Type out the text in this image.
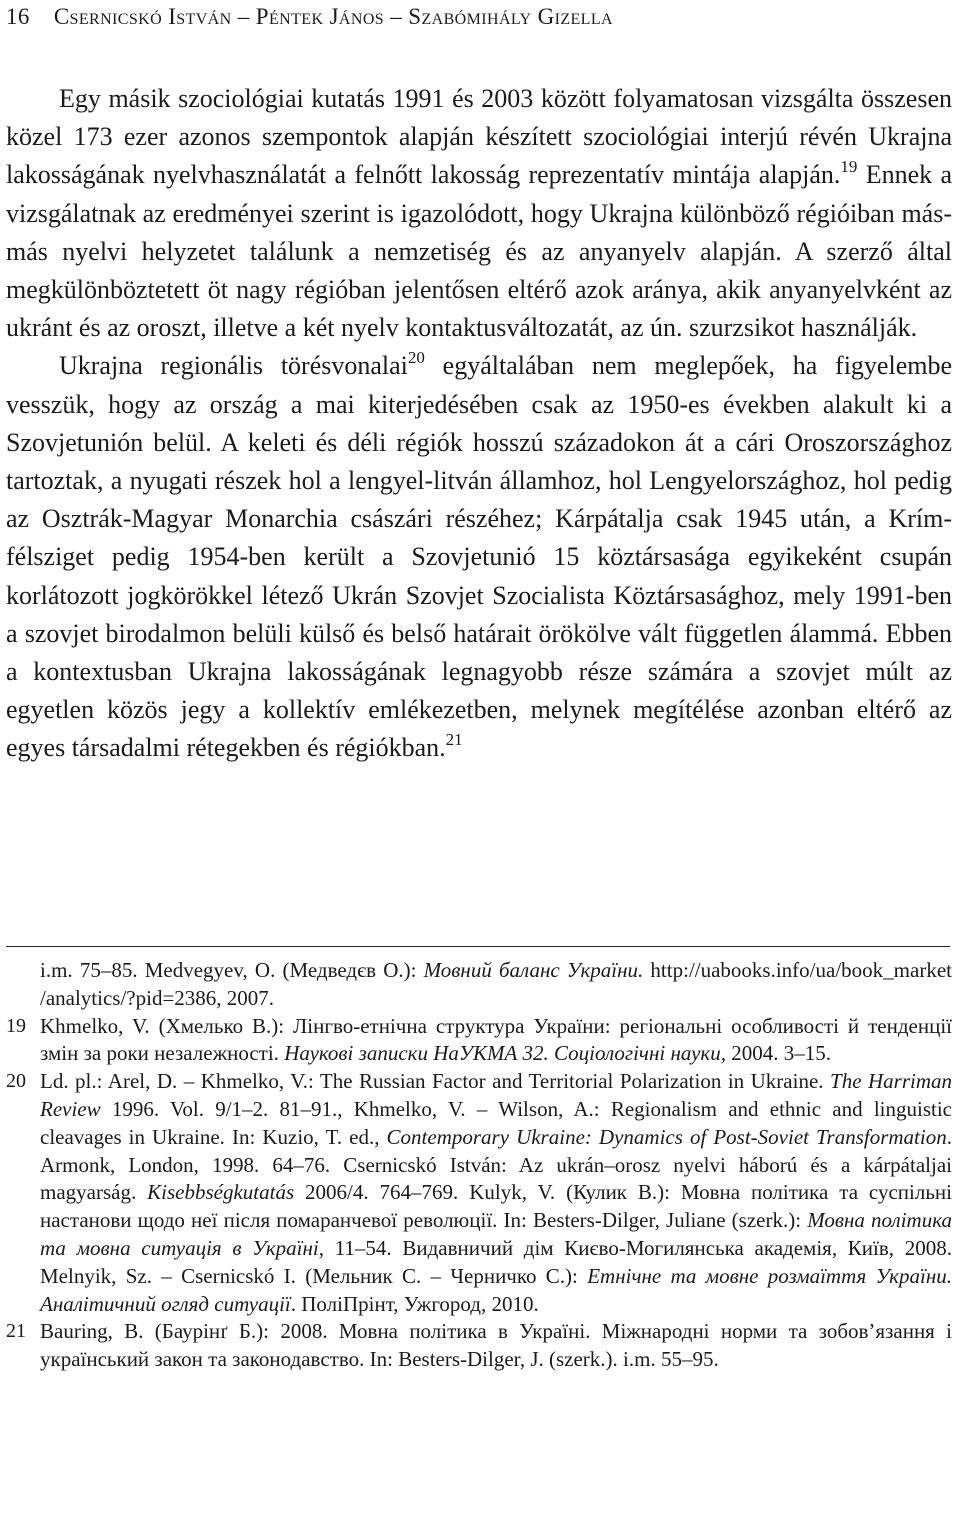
16 Csernicskó István – Péntek János – Szabómihály Gizella

Egy másik szociológiai kutatás 1991 és 2003 között folyamatosan vizsgálta összesen közel 173 ezer azonos szempontok alapján készített szociológiai interjú révén Ukrajna lakosságának nyelvhasználatát a felnőtt lakosság reprezentatív mintája alapján.$^{19}$ Ennek a vizsgálatnak az eredményei szerint is igazolódott, hogy Ukrajna különböző régióiban más-más nyelvi helyzetet találunk a nemzetiség és az anyanyelv alapján. A szerző által megkülönböztetett öt nagy régióban jelentősen eltérő azok aránya, akik anyanyelvként az ukránt és az oroszt, illetve a két nyelv kontaktusváltozatát, az ún. szurzsikot használják.

Ukrajna regionális törésvonalai$^{20}$ egyáltalában nem meglepőek, ha figyelembe vesszük, hogy az ország a mai kiterjedésében csak az 1950-es években alakult ki a Szovjetunión belül. A keleti és déli régiók hosszú századokon át a cári Oroszországhoz tartoztak, a nyugati részek hol a lengyel-litván államhoz, hol Lengyelországhoz, hol pedig az Osztrák-Magyar Monarchia császári részéhez; Kárpátalja csak 1945 után, a Krím-félsziget pedig 1954-ben került a Szovjetunió 15 köztársasága egyikeként csupán korlátozott jogkörökkel létező Ukrán Szovjet Szocialista Köztársasághoz, mely 1991-ben a szovjet birodalmon belüli külső és belső határait örökölve vált független álammá. Ebben a kontextusban Ukrajna lakosságának legnagyobb része számára a szovjet múlt az egyetlen közös jegy a kollektív emlékezetben, melynek megítélése azonban eltérő az egyes társadalmi rétegekben és régiókban.$^{21}$

i.m. 75–85. Medvegyev, O. (Медведєв О.): Мовний баланс України. http://uabooks.info/ua/book_market /analytics/?pid=2386, 2007.
19 Khmelko, V. (Хмелько В.): Лінгво-етнічна структура України: регіональні особливості й тенденції змін за роки незалежності. Наукові записки НаУКМА 32. Соціологічні науки, 2004. 3–15.
20 Ld. pl.: Arel, D. – Khmelko, V.: The Russian Factor and Territorial Polarization in Ukraine. The Harriman Review 1996. Vol. 9/1–2. 81–91., Khmelko, V. – Wilson, A.: Regionalism and ethnic and linguistic cleavages in Ukraine. In: Kuzio, T. ed., Contemporary Ukraine: Dynamics of Post-Soviet Transformation. Armonk, London, 1998. 64–76. Csernicskó István: Az ukrán–orosz nyelvi háború és a kárpátaljai magyarság. Kisebbségkutatás 2006/4. 764–769. Kulyk, V. (Кулик В.): Мовна політика та суспільні настанови щодо неї після помаранчевої революції. In: Besters-Dilger, Juliane (szerk.): Мовна політика та мовна ситуація в Україні, 11–54. Видавничий дім Києво-Могилянська академія, Київ, 2008. Melnyik, Sz. – Csernicskó I. (Мельник С. – Черничко С.): Етнічне та мовне розмаїття України. Аналітичний огляд ситуації. ПоліПрінт, Ужгород, 2010.
21 Bauring, B. (Баурінґ Б.): 2008. Мовна політика в Україні. Міжнародні норми та зобов’язання і український закон та законодавство. In: Besters-Dilger, J. (szerk.). i.m. 55–95.
